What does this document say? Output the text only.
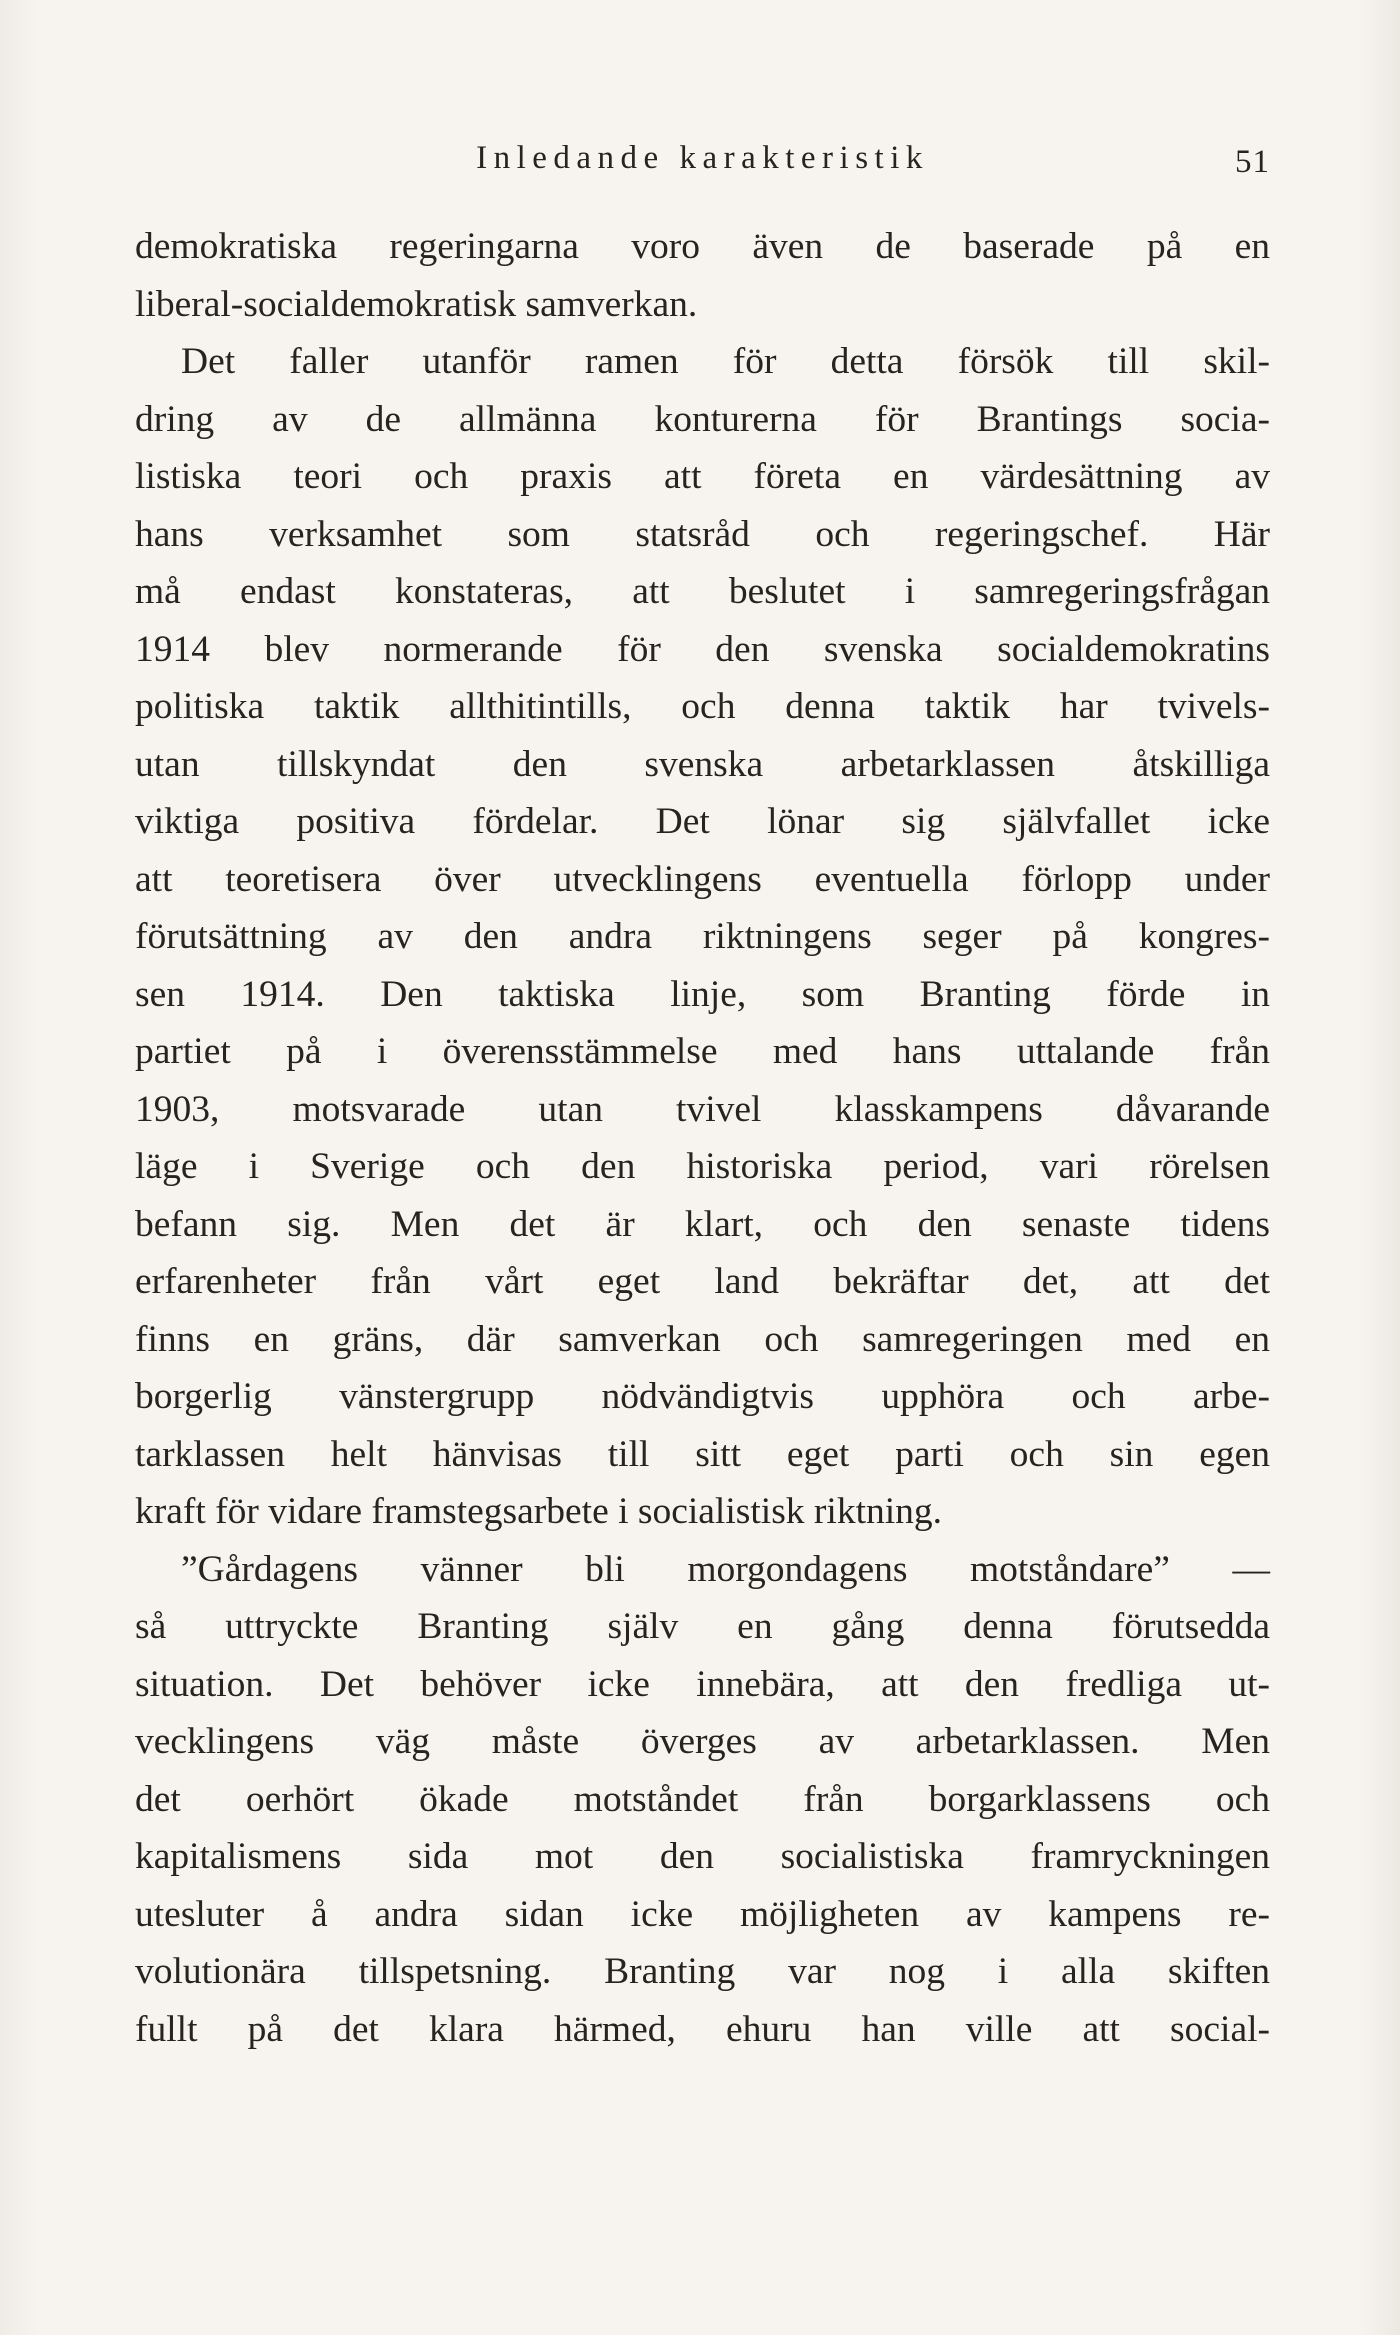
Inledande karakteristik	51
demokratiska regeringarna voro även de baserade på en
liberal-socialdemokratisk samverkan.
Det faller utanför ramen för detta försök till skil-
dring av de allmänna konturerna för Brantings socia-
listiska teori och praxis att företa en värdesättning av
hans verksamhet som statsråd och regeringschef. Här
må endast konstateras, att beslutet i samregeringsfrågan
1914 blev normerande för den svenska socialdemokratins
politiska taktik allthitintills, och denna taktik har tvivels-
utan tillskyndat den svenska arbetarklassen åtskilliga
viktiga positiva fördelar. Det lönar sig självfallet icke
att teoretisera över utvecklingens eventuella förlopp under
förutsättning av den andra riktningens seger på kongres-
sen 1914. Den taktiska linje, som Branting förde in
partiet på i överensstämmelse med hans uttalande från
1903, motsvarade utan tvivel klasskampens dåvarande
läge i Sverige och den historiska period, vari rörelsen
befann sig. Men det är klart, och den senaste tidens
erfarenheter från vårt eget land bekräftar det, att det
finns en gräns, där samverkan och samregeringen med en
borgerlig vänstergrupp nödvändigtvis upphöra och arbe-
tarklassen helt hänvisas till sitt eget parti och sin egen
kraft för vidare framstegsarbete i socialistisk riktning.
”Gårdagens vänner bli morgondagens motståndare” —
så uttryckte Branting själv en gång denna förutsedda
situation. Det behöver icke innebära, att den fredliga ut-
vecklingens väg måste överges av arbetarklassen. Men
det oerhört ökade motståndet från borgarklassens och
kapitalismens sida mot den socialistiska framryckningen
utesluter å andra sidan icke möjligheten av kampens re-
volutionära tillspetsning. Branting var nog i alla skiften
fullt på det klara härmed, ehuru han ville att social-
